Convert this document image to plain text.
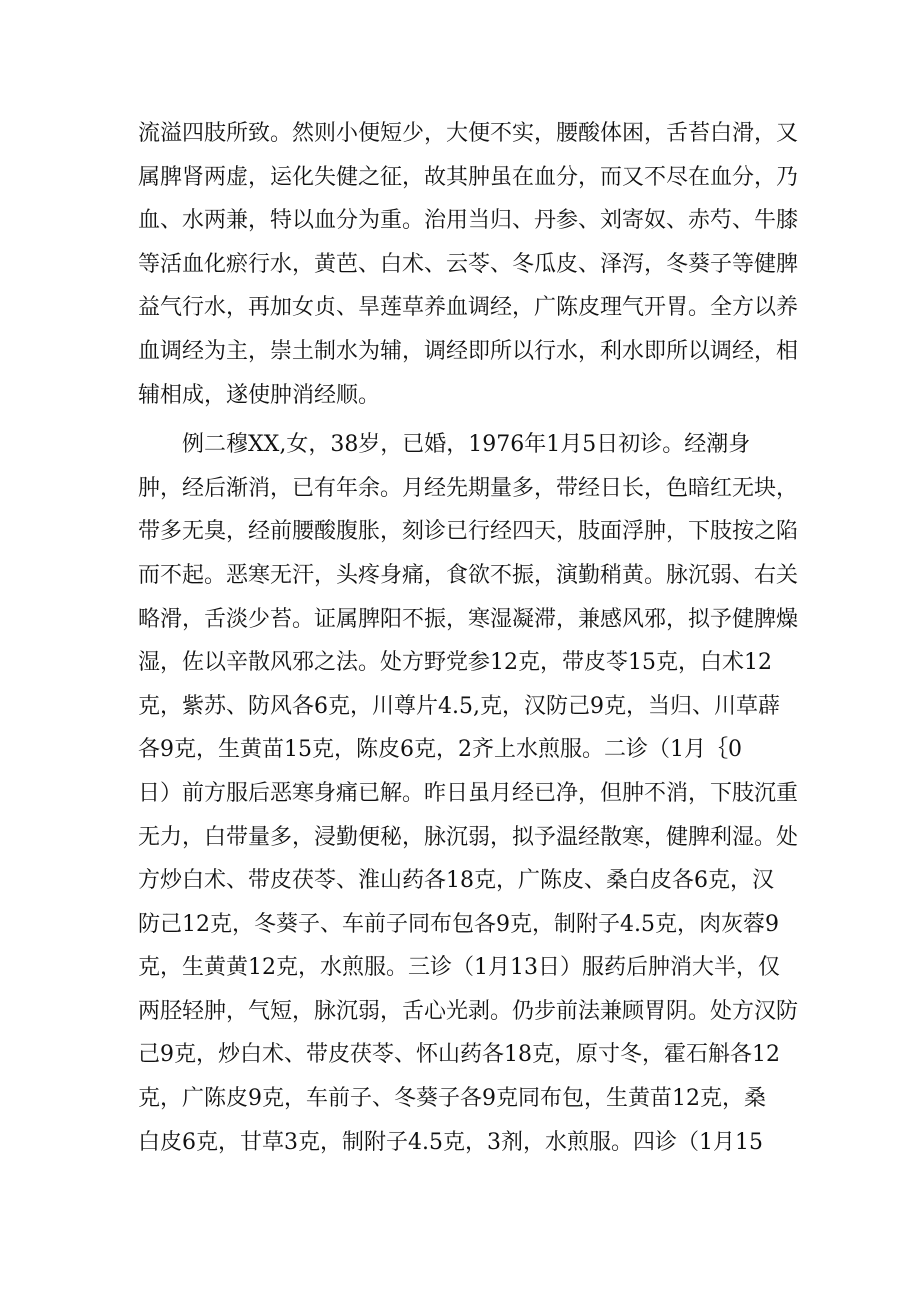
流溢四肢所致。然则小便短少，大便不实，腰酸体困，舌苔白滑，又
属脾肾两虚，运化失健之征，故其肿虽在血分，而又不尽在血分，乃
血、水两兼，特以血分为重。治用当归、丹参、刘寄奴、赤芍、牛膝
等活血化瘀行水，黄芭、白术、云苓、冬瓜皮、泽泻，冬葵子等健脾
益气行水，再加女贞、旱莲草养血调经，广陈皮理气开胃。全方以养
血调经为主，崇土制水为辅，调经即所以行水，利水即所以调经，相
辅相成，遂使肿消经顺。
　　例二穆XX,女，38岁，已婚，1976年1月5日初诊。经潮身
肿，经后渐消，已有年余。月经先期量多，带经日长，色暗红无块，
带多无臭，经前腰酸腹胀，刻诊已行经四天，肢面浮肿，下肢按之陷
而不起。恶寒无汗，头疼身痛，食欲不振，演勤稍黄。脉沉弱、右关
略滑，舌淡少苔。证属脾阳不振，寒湿凝滞，兼感风邪，拟予健脾燥
湿，佐以辛散风邪之法。处方野党参12克，带皮苓15克，白术12
克，紫苏、防风各6克，川尊片4.5,克，汉防己9克，当归、川草薜
各9克，生黄苗15克，陈皮6克，2齐上水煎服。二诊（1月｛0
日）前方服后恶寒身痛已解。昨日虽月经已净，但肿不消，下肢沉重
无力，白带量多，浸勤便秘，脉沉弱，拟予温经散寒，健脾利湿。处
方炒白术、带皮茯苓、淮山药各18克，广陈皮、桑白皮各6克，汉
防己12克，冬葵子、车前子同布包各9克，制附子4.5克，肉灰蓉9
克，生黄黄12克，水煎服。三诊（1月13日）服药后肿消大半，仅
两胫轻肿，气短，脉沉弱，舌心光剥。仍步前法兼顾胃阴。处方汉防
己9克，炒白术、带皮茯苓、怀山药各18克，原寸冬，霍石斛各12
克，广陈皮9克，车前子、冬葵子各9克同布包，生黄苗12克，桑
白皮6克，甘草3克，制附子4.5克，3剂，水煎服。四诊（1月15
